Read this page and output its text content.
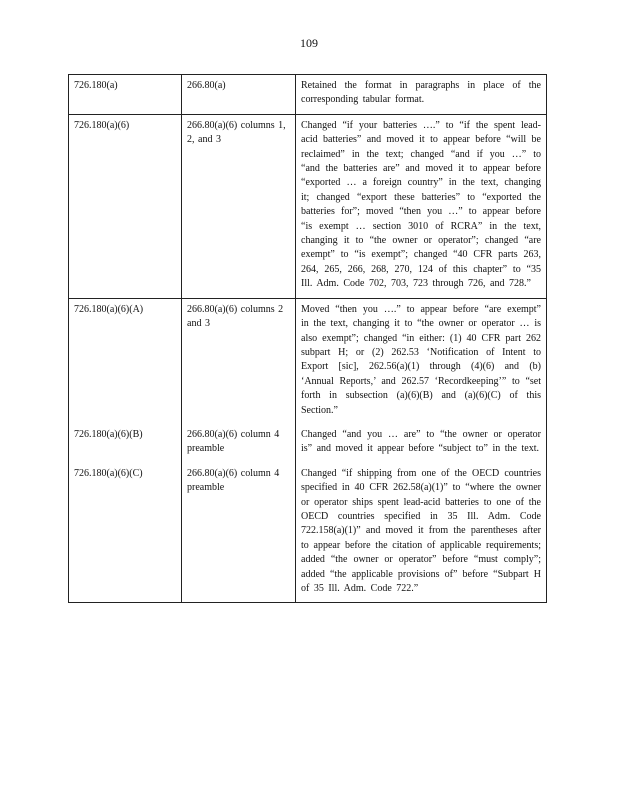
109
726.180(a)	266.80(a)	Retained the format in paragraphs in place of the corresponding tabular format.
726.180(a)(6)	266.80(a)(6) columns 1, 2, and 3	Changed “if your batteries ….” to “if the spent lead-acid batteries” and moved it to appear before “will be reclaimed” in the text; changed “and if you …” to “and the batteries are” and moved it to appear before “exported … a foreign country” in the text, changing it; changed “export these batteries” to “exported the batteries for”; moved “then you …” to appear before “is exempt … section 3010 of RCRA” in the text, changing it to “the owner or operator”; changed “are exempt” to “is exempt”; changed “40 CFR parts 263, 264, 265, 266, 268, 270, 124 of this chapter” to “35 Ill. Adm. Code 702, 703, 723 through 726, and 728.”
726.180(a)(6)(A)	266.80(a)(6) columns 2 and 3	Moved “then you ….” to appear before “are exempt” in the text, changing it to “the owner or operator … is also exempt”; changed “in either: (1) 40 CFR part 262 subpart H; or (2) 262.53 ‘Notification of Intent to Export [sic], 262.56(a)(1) through (4)(6) and (b) ‘Annual Reports,’ and 262.57 ‘Recordkeeping’” to “set forth in subsection (a)(6)(B) and (a)(6)(C) of this Section.”
726.180(a)(6)(B)	266.80(a)(6) column 4 preamble	Changed “and you … are” to “the owner or operator is” and moved it appear before “subject to” in the text.
726.180(a)(6)(C)	266.80(a)(6) column 4 preamble	Changed “if shipping from one of the OECD countries specified in 40 CFR 262.58(a)(1)” to “where the owner or operator ships spent lead-acid batteries to one of the OECD countries specified in 35 Ill. Adm. Code 722.158(a)(1)” and moved it from the parentheses after to appear before the citation of applicable requirements; added “the owner or operator” before “must comply”; added “the applicable provisions of” before “Subpart H of 35 Ill. Adm. Code 722.”
